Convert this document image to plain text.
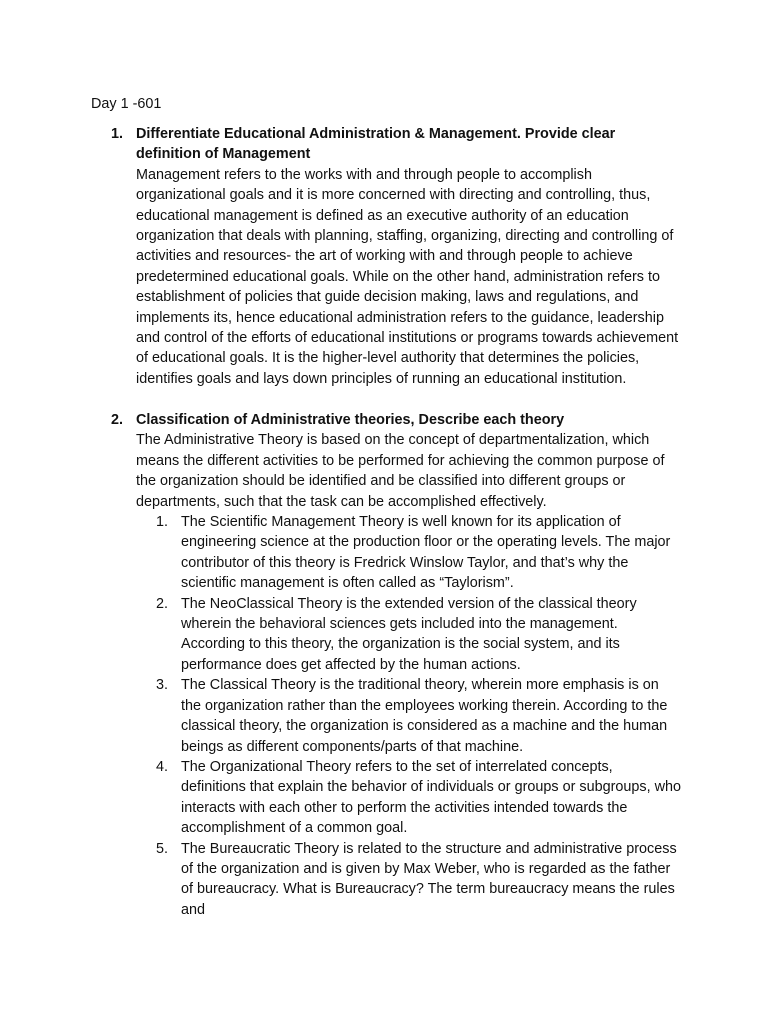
Day 1 -601
1. Differentiate Educational Administration & Management. Provide clear definition of Management

Management refers to the works with and through people to accomplish organizational goals and it is more concerned with directing and controlling, thus, educational management is defined as an executive authority of an education organization that deals with planning, staffing, organizing, directing and controlling of activities and resources- the art of working with and through people to achieve predetermined educational goals. While on the other hand, administration refers to establishment of policies that guide decision making, laws and regulations, and implements its, hence educational administration refers to the guidance, leadership and control of the efforts of educational institutions or programs towards achievement of educational goals. It is the higher-level authority that determines the policies, identifies goals and lays down principles of running an educational institution.

2. Classification of Administrative theories, Describe each theory

The Administrative Theory is based on the concept of departmentalization, which means the different activities to be performed for achieving the common purpose of the organization should be identified and be classified into different groups or departments, such that the task can be accomplished effectively.

1. The Scientific Management Theory is well known for its application of engineering science at the production floor or the operating levels. The major contributor of this theory is Fredrick Winslow Taylor, and that’s why the scientific management is often called as “Taylorism”.
2. The NeoClassical Theory is the extended version of the classical theory wherein the behavioral sciences gets included into the management. According to this theory, the organization is the social system, and its performance does get affected by the human actions.
3. The Classical Theory is the traditional theory, wherein more emphasis is on the organization rather than the employees working therein. According to the classical theory, the organization is considered as a machine and the human beings as different components/parts of that machine.
4. The Organizational Theory refers to the set of interrelated concepts, definitions that explain the behavior of individuals or groups or subgroups, who interacts with each other to perform the activities intended towards the accomplishment of a common goal.
5. The Bureaucratic Theory is related to the structure and administrative process of the organization and is given by Max Weber, who is regarded as the father of bureaucracy. What is Bureaucracy? The term bureaucracy means the rules and
